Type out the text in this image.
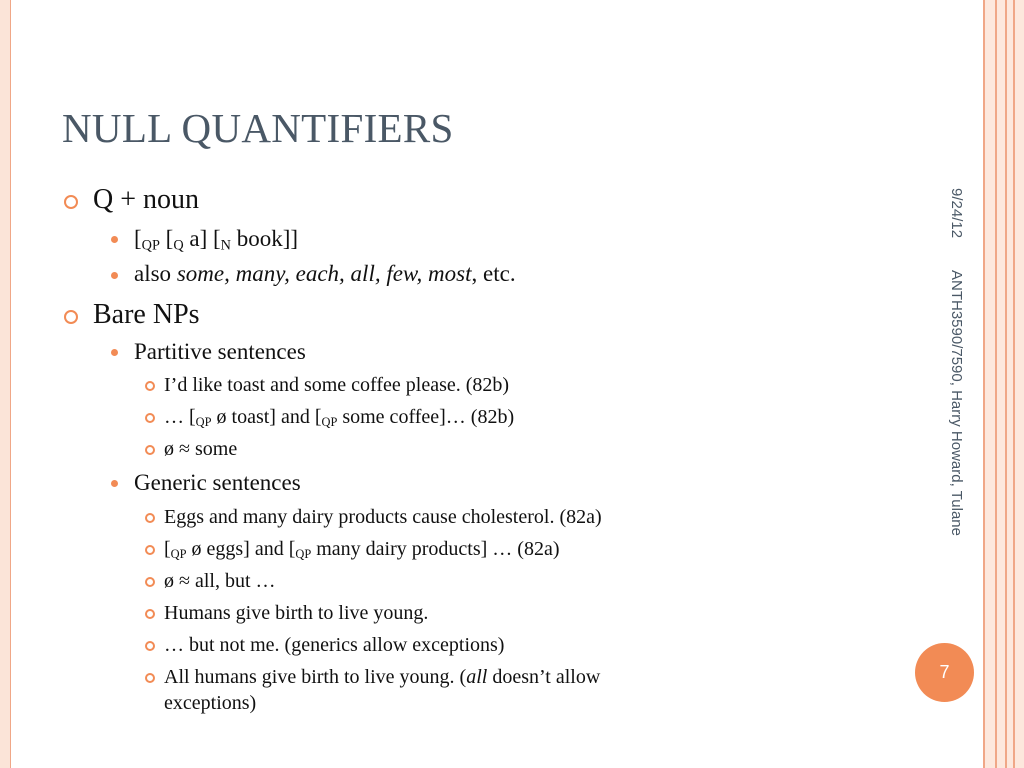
NULL QUANTIFIERS
Q + noun
[$_{QP}$ [$_Q$ a] [$_N$ book]]
also some, many, each, all, few, most, etc.
Bare NPs
Partitive sentences
I’d like toast and some coffee please. (82b)
… [$_{QP}$ ø toast] and [$_{QP}$ some coffee]… (82b)
ø ≈ some
Generic sentences
Eggs and many dairy products cause cholesterol. (82a)
[$_{QP}$ ø eggs] and [$_{QP}$ many dairy products] … (82a)
ø ≈ all, but …
Humans give birth to live young.
… but not me. (generics allow exceptions)
All humans give birth to live young. (all doesn’t allow
exceptions)
9/24/12
ANTH3590/7590, Harry Howard, Tulane
7
